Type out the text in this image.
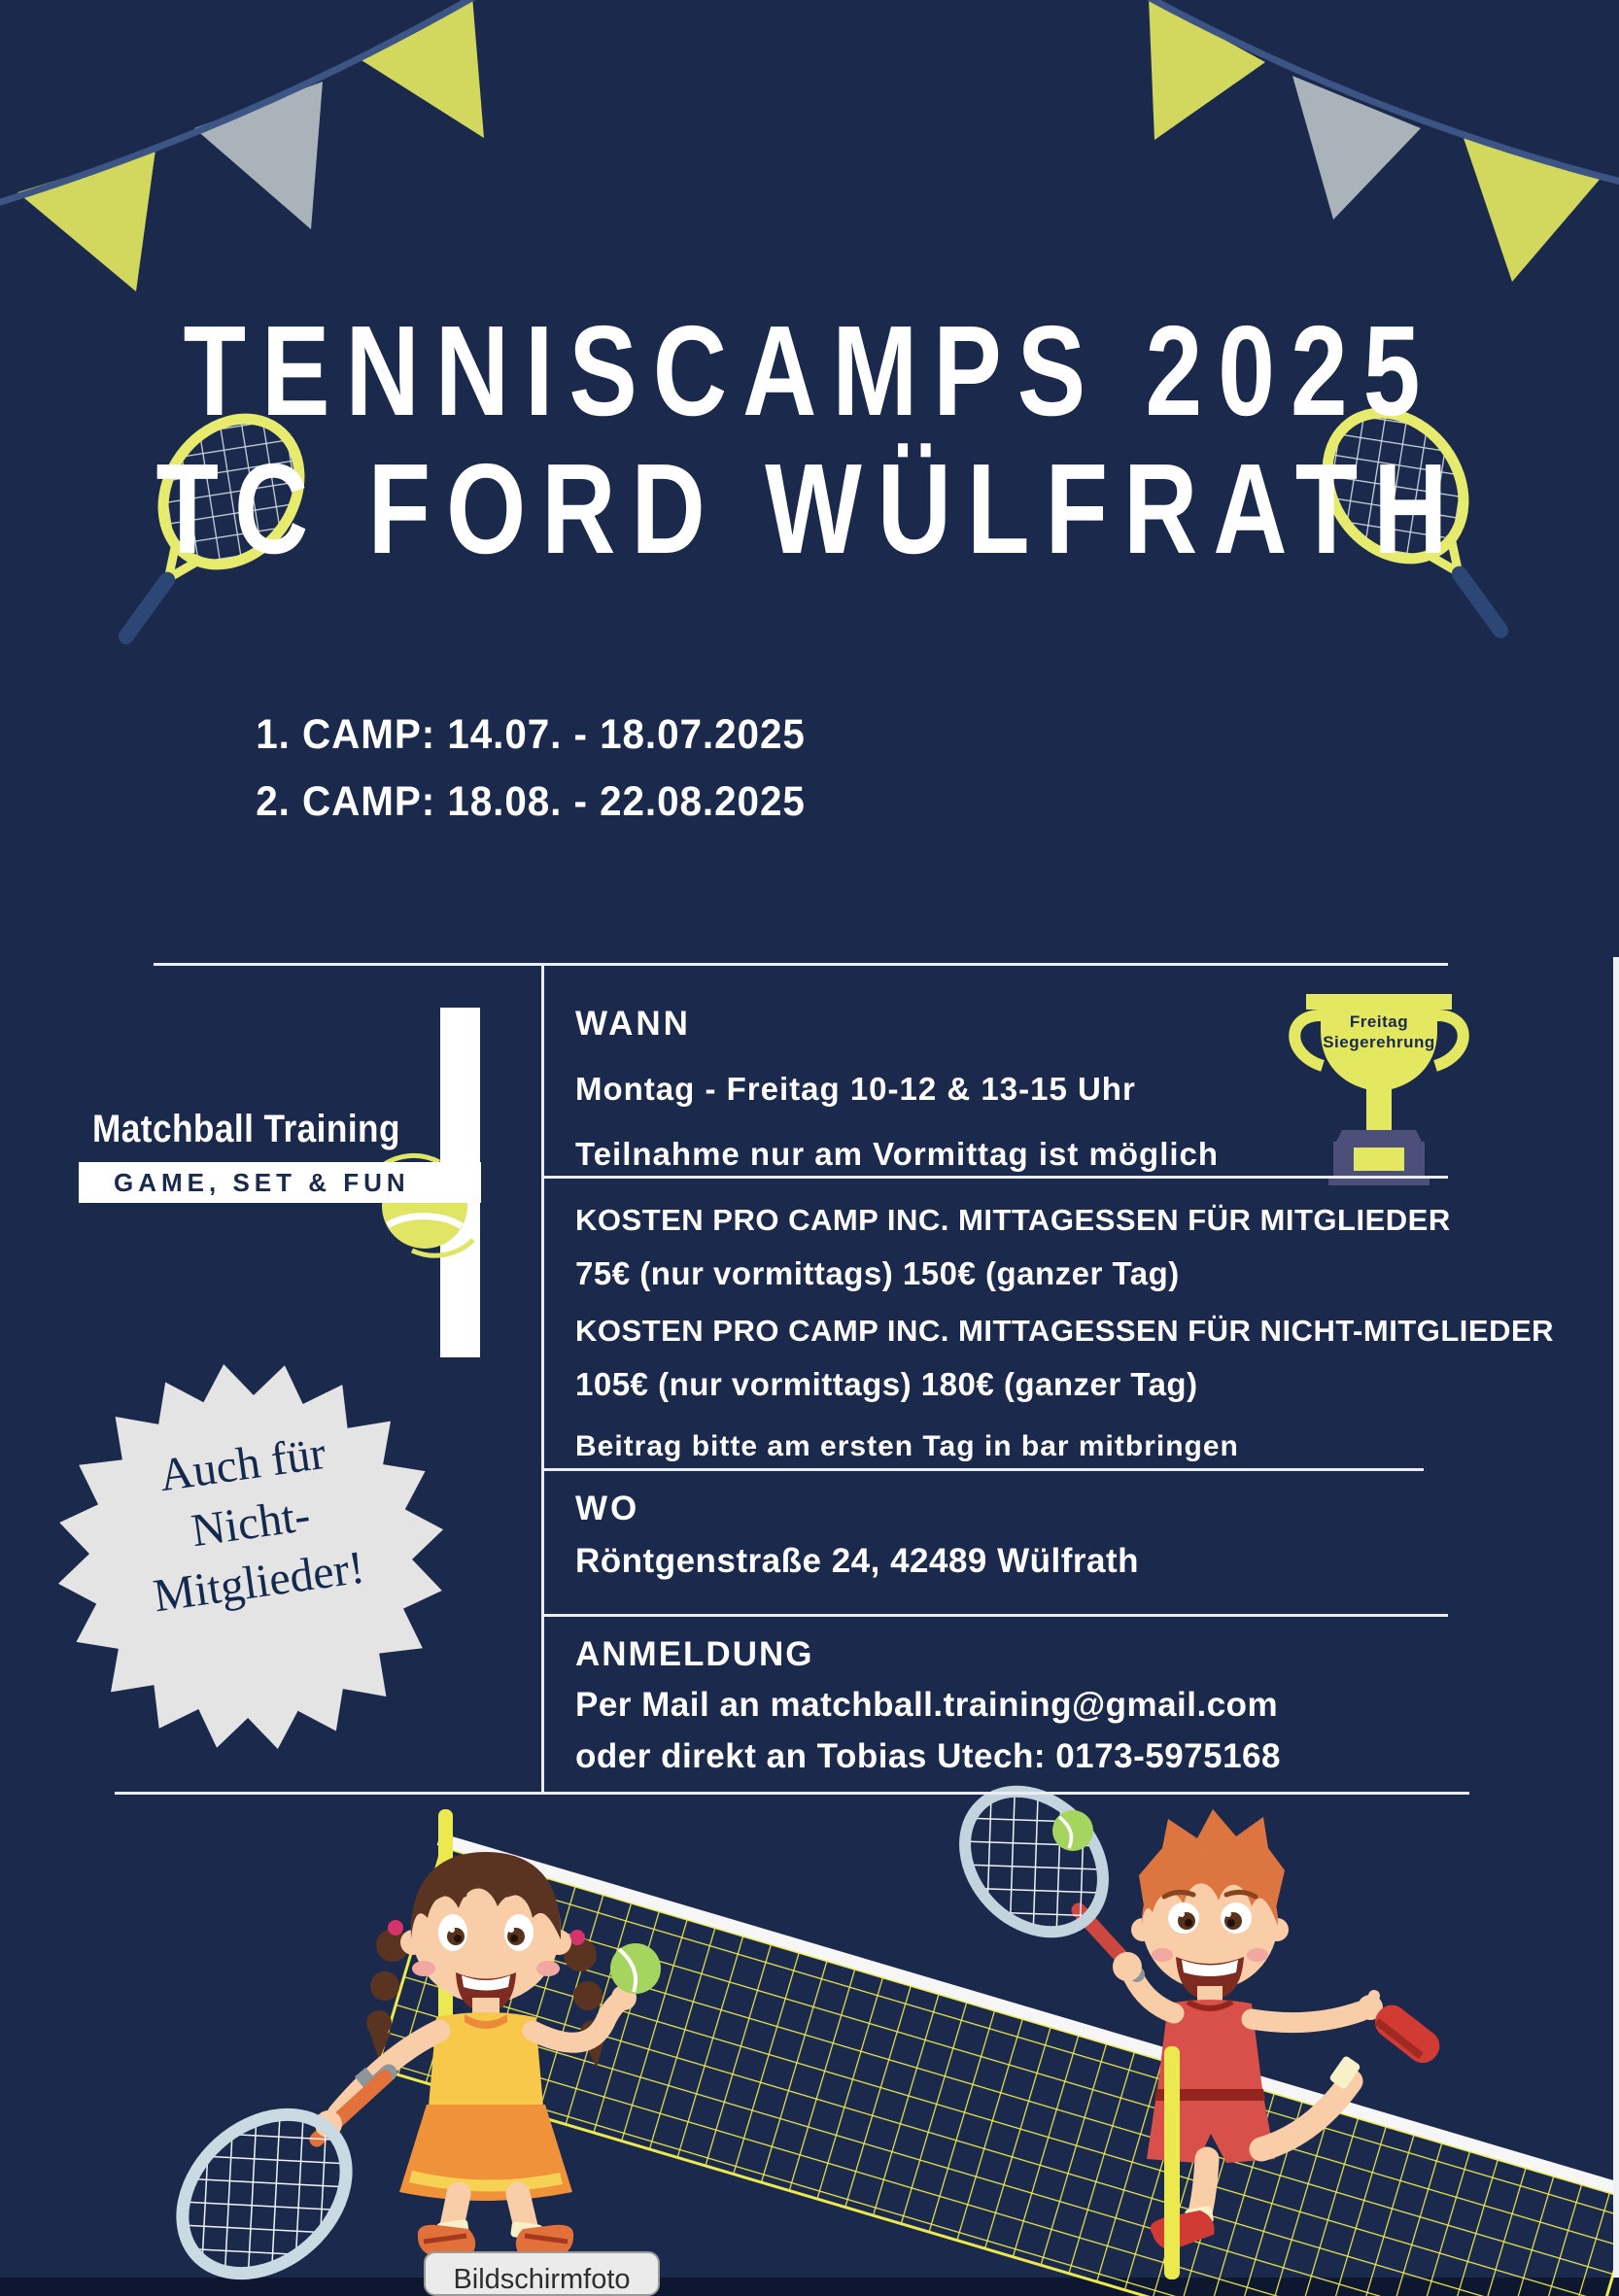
TENNISCAMPS 2025
TC FORD WÜLFRATH
1. CAMP: 14.07. - 18.07.2025
2. CAMP: 18.08. - 22.08.2025
Matchball Training
GAME, SET & FUN
Auch für
Nicht-
Mitglieder!
Freitag
Siegerehrung
WANN
Montag - Freitag 10-12 & 13-15 Uhr
Teilnahme nur am Vormittag ist möglich
KOSTEN PRO CAMP INC. MITTAGESSEN FÜR MITGLIEDER
75€ (nur vormittags) 150€ (ganzer Tag)
KOSTEN PRO CAMP INC. MITTAGESSEN FÜR NICHT-MITGLIEDER
105€ (nur vormittags) 180€ (ganzer Tag)
Beitrag bitte am ersten Tag in bar mitbringen
WO
Röntgenstraße 24, 42489 Wülfrath
ANMELDUNG
Per Mail an matchball.training@gmail.com
oder direkt an Tobias Utech: 0173-5975168
Bildschirmfoto
